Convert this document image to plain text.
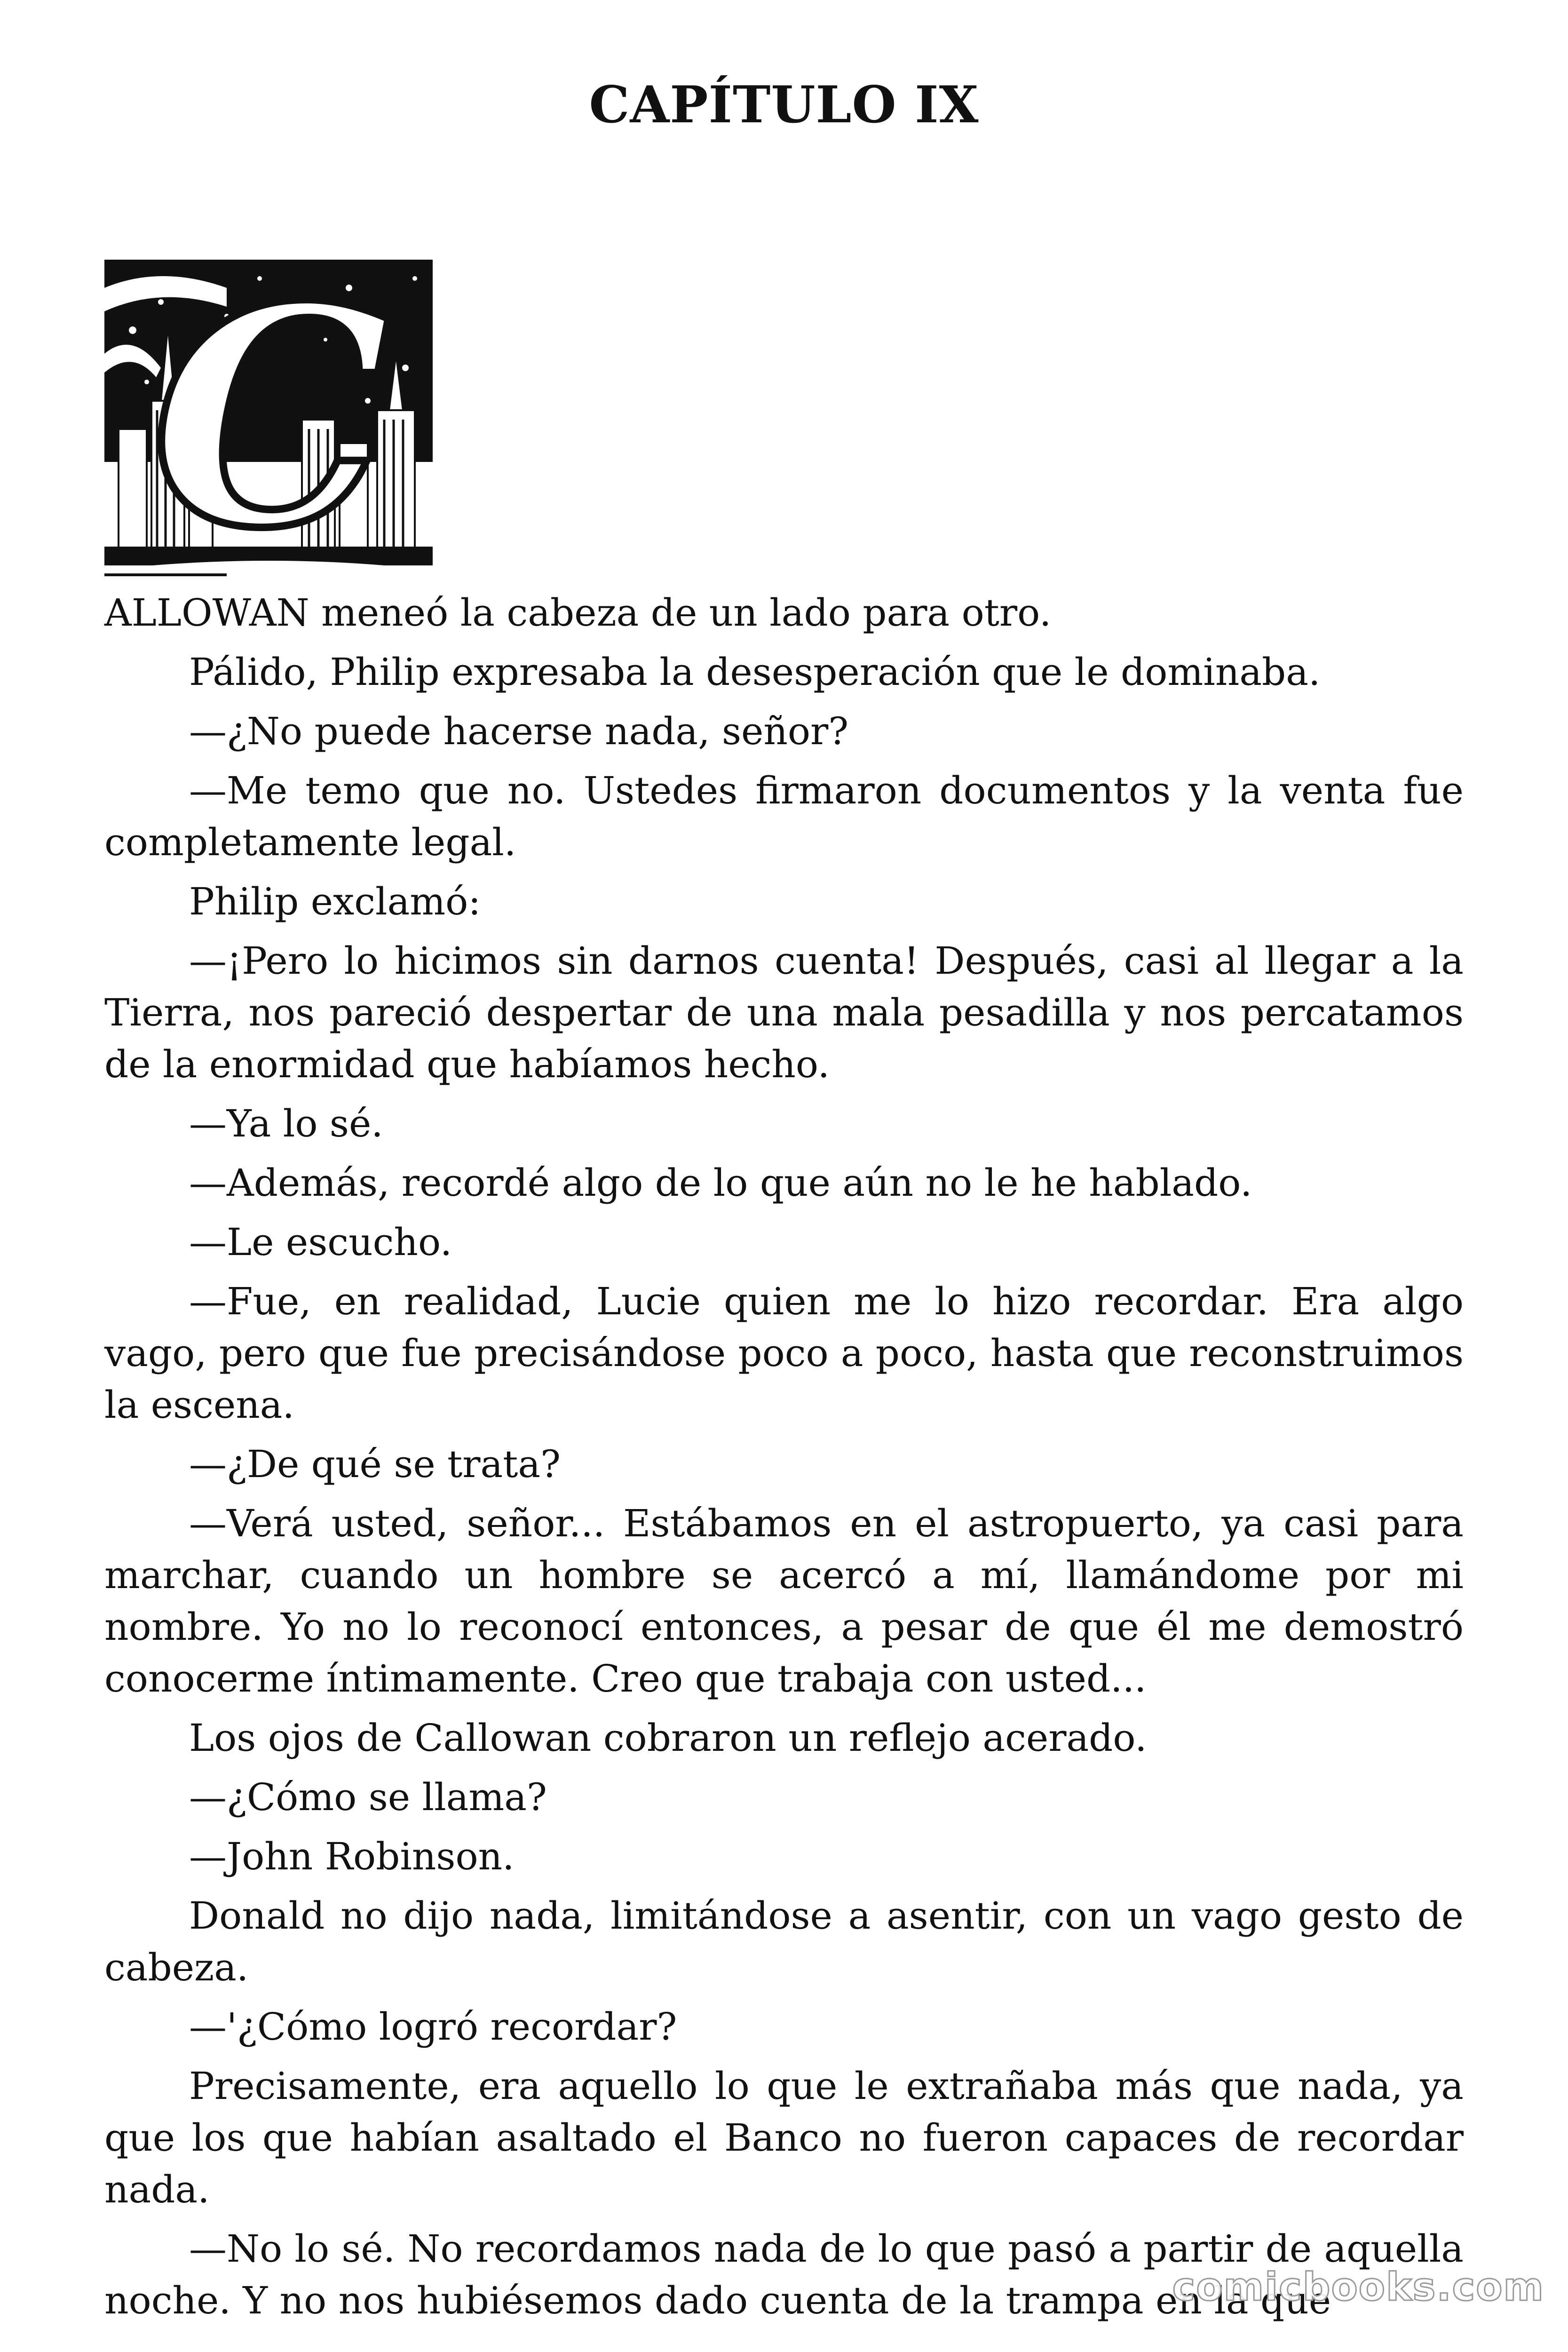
CAPÍTULO IX
C

ALLOWAN meneó la cabeza de un lado para otro.

Pálido, Philip expresaba la desesperación que le dominaba.

—¿No puede hacerse nada, señor?

—Me temo que no. Ustedes firmaron documentos y la venta fue completamente legal.

Philip exclamó:

—¡Pero lo hicimos sin darnos cuenta! Después, casi al llegar a la Tierra, nos pareció despertar de una mala pesadilla y nos percatamos de la enormidad que habíamos hecho.

—Ya lo sé.

—Además, recordé algo de lo que aún no le he hablado.

—Le escucho.

—Fue, en realidad, Lucie quien me lo hizo recordar. Era algo vago, pero que fue precisándose poco a poco, hasta que reconstruimos la escena.

—¿De qué se trata?

—Verá usted, señor... Estábamos en el astropuerto, ya casi para marchar, cuando un hombre se acercó a mí, llamándome por mi nombre. Yo no lo reconocí entonces, a pesar de que él me demostró conocerme íntimamente. Creo que trabaja con usted...

Los ojos de Callowan cobraron un reflejo acerado.

—¿Cómo se llama?

—John Robinson.

Donald no dijo nada, limitándose a asentir, con un vago gesto de cabeza.

—'¿Cómo logró recordar?

Precisamente, era aquello lo que le extrañaba más que nada, ya que los que habían asaltado el Banco no fueron capaces de recordar nada.

—No lo sé. No recordamos nada de lo que pasó a partir de aquella noche. Y no nos hubiésemos dado cuenta de la trampa en la que

comicbooks.com
